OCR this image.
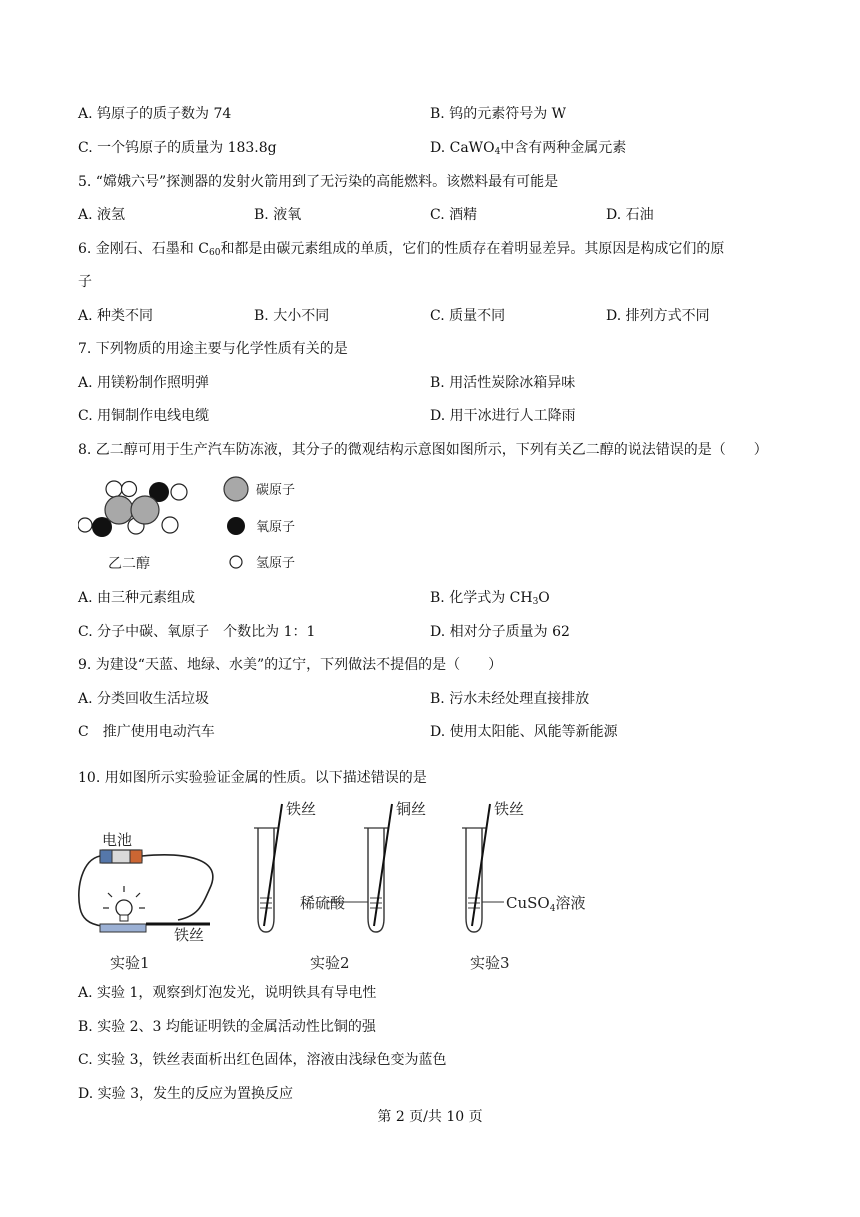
A. 钨原子的质子数为 74	B. 钨的元素符号为 W
C. 一个钨原子的质量为 183.8g	D. CaWO$_4$中含有两种金属元素
5. “嫦娥六号”探测器的发射火箭用到了无污染的高能燃料。该燃料最有可能是
A. 液氢	B. 液氧	C. 酒精	D. 石油
6. 金刚石、石墨和 $C_{60}$和都是由碳元素组成的单质，它们的性质存在着明显差异。其原因是构成它们的原
子
A. 种类不同	B. 大小不同	C. 质量不同	D. 排列方式不同
7. 下列物质的用途主要与化学性质有关的是
A. 用镁粉制作照明弹	B. 用活性炭除冰箱异味
C. 用铜制作电线电缆	D. 用干冰进行人工降雨
8. 乙二醇可用于生产汽车防冻液，其分子的微观结构示意图如图所示，下列有关乙二醇的说法错误的是（　　）
乙二醇
碳原子
氧原子
氢原子
A. 由三种元素组成	B. 化学式为 $CH_3O$
C. 分子中碳、氧原子　个数比为 1：1	D. 相对分子质量为 62
9. 为建设“天蓝、地绿、水美”的辽宁，下列做法不提倡的是（　　）
A. 分类回收生活垃圾	B. 污水未经处理直接排放
C　推广使用电动汽车	D. 使用太阳能、风能等新能源
10. 用如图所示实验验证金属的性质。以下描述错误的是
电池
铁丝
实验1
铁丝	铜丝
稀硫酸
实验2
铁丝
CuSO$_4$溶液
实验3
A. 实验 1，观察到灯泡发光，说明铁具有导电性
B. 实验 2、3 均能证明铁的金属活动性比铜的强
C. 实验 3，铁丝表面析出红色固体，溶液由浅绿色变为蓝色
D. 实验 3，发生的反应为置换反应
第 2 页/共 10 页
